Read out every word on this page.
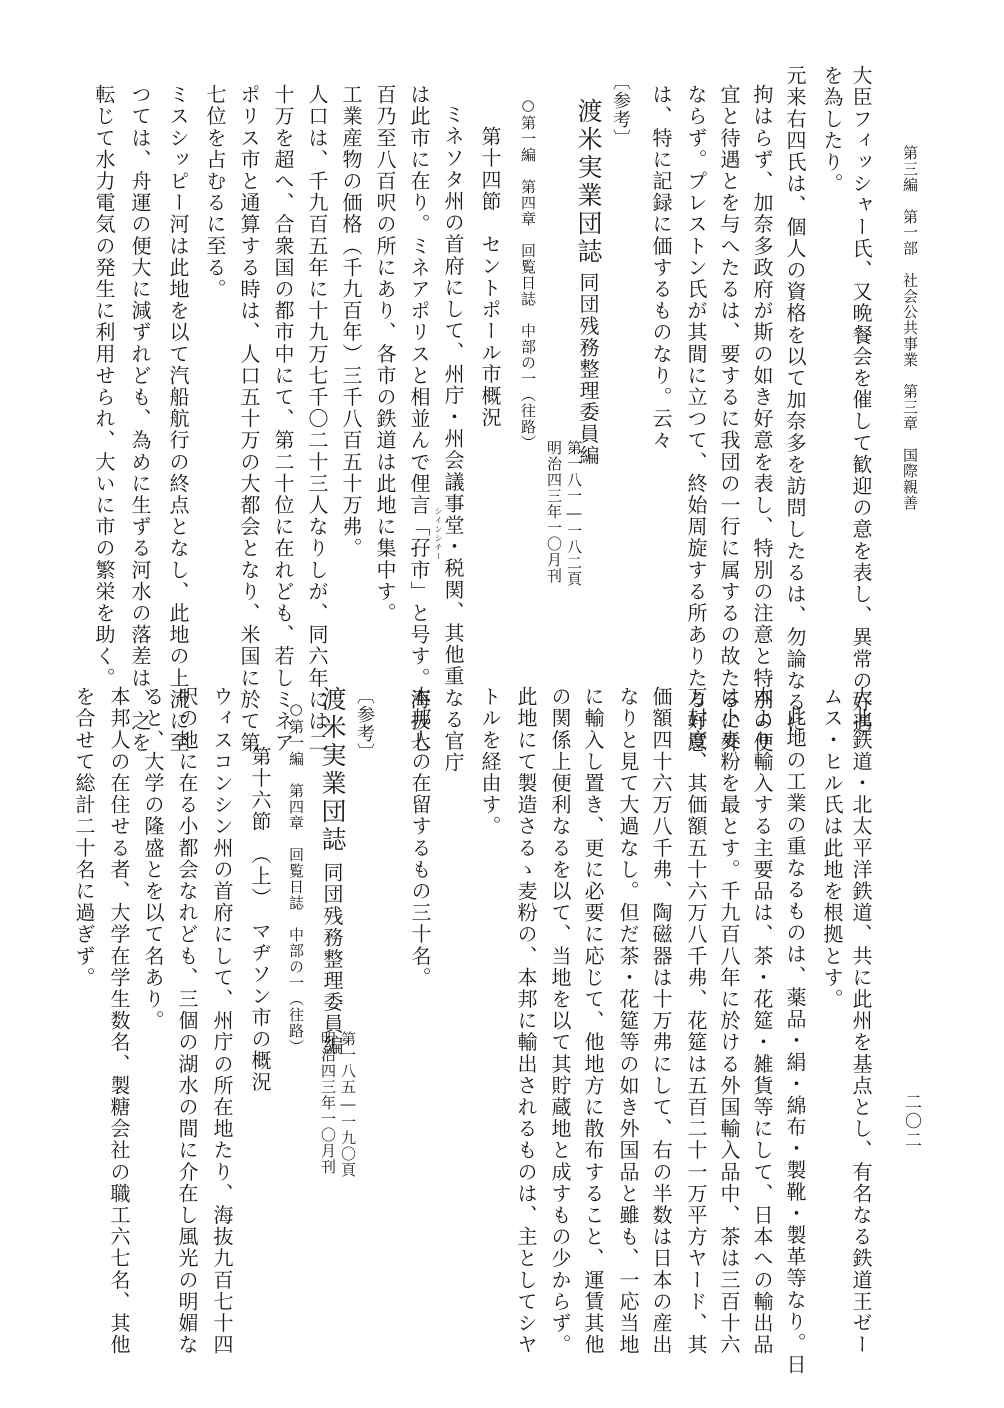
第三編　第一部　社会公共事業　第三章　国際親善
二〇二
大臣フィッシャー氏、又晩餐会を催して歓迎の意を表し、異常の好遇
を為したり。
元来右四氏は、個人の資格を以て加奈多を訪問したるは、勿論なるに
拘はらず、加奈多政府が斯の如き好意を表し、特別の注意と特別の便
宜と待遇とを与へたるは、要するに我団の一行に属するの故たるに外
ならず。プレストン氏が其間に立つて、終始周旋する所ありたる好意
は、特に記録に価するものなり。云々
〔参考〕
渡米実業団誌
同団残務整理委員編
第一八一―一八二頁
明治四三年一〇月刊
○第一編　第四章　回覧日誌　中部の一（往路）
第十四節　セントポール市概況
シインシチー
ミネソタ州の首府にして、州庁・州会議事堂・税関、其他重なる官庁
は此市に在り。ミネアポリスと相並んで俚言「孖市」と号す。海抜七
百乃至八百呎の所にあり、各市の鉄道は此地に集中す。
工業産物の価格（千九百年）三千八百五十万弗。
人口は、千九百五年に十九万七千〇二十三人なりしが、同六年には二
十万を超へ、合衆国の都市中にて、第二十位に在れども、若しミネア
ポリス市と通算する時は、人口五十万の大都会となり、米国に於て第
七位を占むるに至る。
ミスシッピー河は此地を以て汽船航行の終点となし、此地の上流に至
つては、舟運の便大に減ずれども、為めに生ずる河水の落差は、之を
転じて水力電気の発生に利用せられ、大いに市の繁栄を助く。
大北鉄道・北太平洋鉄道、共に此州を基点とし、有名なる鉄道王ゼー
ムス・ヒル氏は此地を根拠とす。
此地の工業の重なるものは、薬品・絹・綿布・製靴・製革等なり。日
本より輸入する主要品は、茶・花筵・雑貨等にして、日本への輸出品
は小麦粉を最とす。千九百八年に於ける外国輸入品中、茶は三百十六
万封度、其価額五十六万八千弗、花筵は五百二十一万平方ヤード、其
価額四十六万八千弗、陶磁器は十万弗にして、右の半数は日本の産出
なりと見て大過なし。但だ茶・花筵等の如き外国品と雖も、一応当地
に輸入し置き、更に必要に応じて、他地方に散布すること、運賃其他
の関係上便利なるを以て、当地を以て其貯蔵地と成すもの少からず。
此地にて製造さるゝ麦粉の、本邦に輸出されるものは、主としてシヤ
トルを経由す。
本邦人の在留するもの三十名。
〔参考〕
渡米実業団誌
同団残務整理委員編
第一八五―一九〇頁
明治四三年一〇月刊
○第一編　第四章　回覧日誌　中部の一（往路）
第十六節　（上）　マヂソン市の概況
ウィスコンシン州の首府にして、州庁の所在地たり、海抜九百七十四
呎の地に在る小都会なれども、三個の湖水の間に介在し風光の明媚な
ると、大学の隆盛とを以て名あり。
本邦人の在住せる者、大学在学生数名、製糖会社の職工六七名、其他
を合せて総計二十名に過ぎず。
